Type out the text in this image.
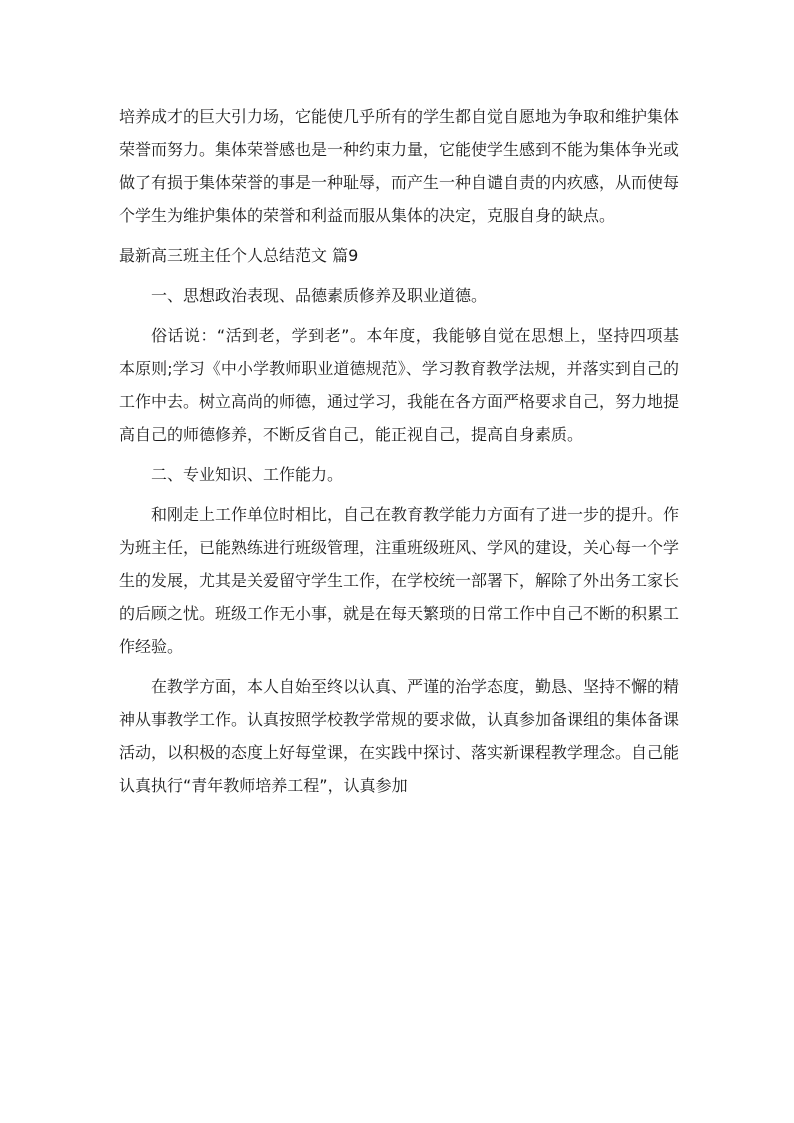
培养成才的巨大引力场，它能使几乎所有的学生都自觉自愿地为争取和维护集体荣誉而努力。集体荣誉感也是一种约束力量，它能使学生感到不能为集体争光或做了有损于集体荣誉的事是一种耻辱，而产生一种自谴自责的内疚感，从而使每个学生为维护集体的荣誉和利益而服从集体的决定，克服自身的缺点。

最新高三班主任个人总结范文 篇9

一、思想政治表现、品德素质修养及职业道德。

俗话说：“活到老，学到老”。本年度，我能够自觉在思想上，坚持四项基本原则;学习《中小学教师职业道德规范》、学习教育教学法规，并落实到自己的工作中去。树立高尚的师德，通过学习，我能在各方面严格要求自己，努力地提高自己的师德修养，不断反省自己，能正视自己，提高自身素质。

二、专业知识、工作能力。

和刚走上工作单位时相比，自己在教育教学能力方面有了进一步的提升。作为班主任，已能熟练进行班级管理，注重班级班风、学风的建设，关心每一个学生的发展，尤其是关爱留守学生工作，在学校统一部署下，解除了外出务工家长的后顾之忧。班级工作无小事，就是在每天繁琐的日常工作中自己不断的积累工作经验。

在教学方面，本人自始至终以认真、严谨的治学态度，勤恳、坚持不懈的精神从事教学工作。认真按照学校教学常规的要求做，认真参加备课组的集体备课活动，以积极的态度上好每堂课，在实践中探讨、落实新课程教学理念。自己能认真执行“青年教师培养工程”，认真参加
